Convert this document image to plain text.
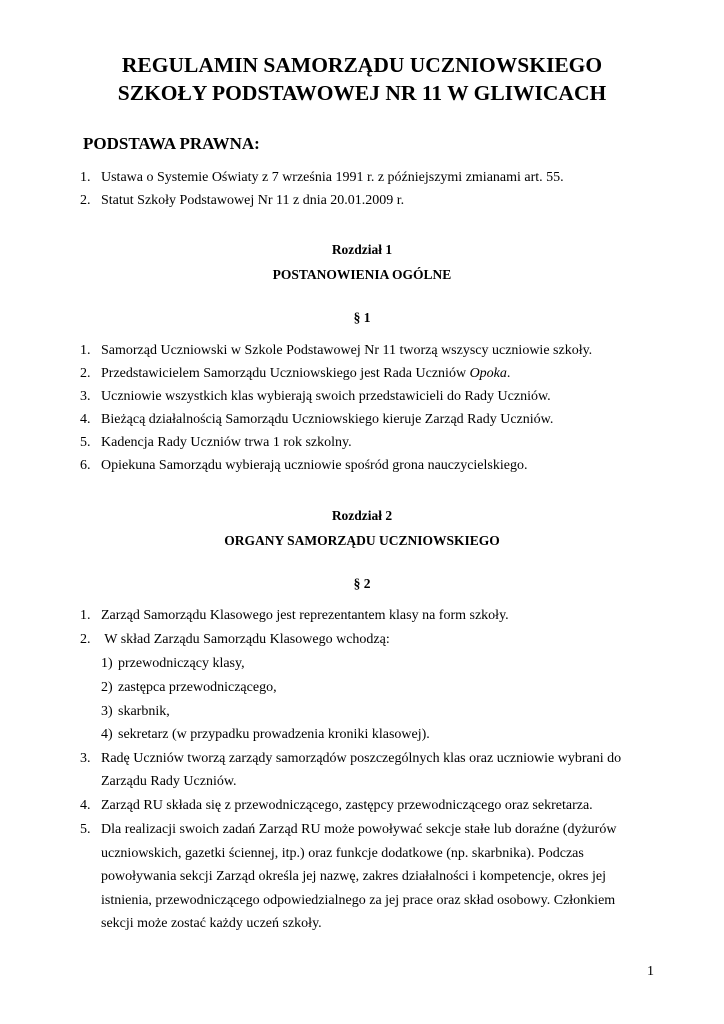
REGULAMIN SAMORZĄDU UCZNIOWSKIEGO
SZKOŁY PODSTAWOWEJ NR 11 W GLIWICACH
PODSTAWA PRAWNA:
1. Ustawa o Systemie Oświaty z 7 września 1991 r. z późniejszymi zmianami art. 55.
2. Statut Szkoły Podstawowej Nr 11 z dnia 20.01.2009 r.
Rozdział 1
POSTANOWIENIA OGÓLNE
§ 1
1. Samorząd Uczniowski w Szkole Podstawowej Nr 11 tworzą wszyscy uczniowie szkoły.
2. Przedstawicielem Samorządu Uczniowskiego jest Rada Uczniów Opoka.
3. Uczniowie wszystkich klas wybierają swoich przedstawicieli do Rady Uczniów.
4. Bieżącą działalnością Samorządu Uczniowskiego kieruje Zarząd Rady Uczniów.
5. Kadencja Rady Uczniów trwa 1 rok szkolny.
6. Opiekuna Samorządu wybierają uczniowie spośród grona nauczycielskiego.
Rozdział 2
ORGANY SAMORZĄDU UCZNIOWSKIEGO
§ 2
1. Zarząd Samorządu Klasowego jest reprezentantem klasy na form szkoły.
2. W skład Zarządu Samorządu Klasowego wchodzą:
1) przewodniczący klasy,
2) zastępca przewodniczącego,
3) skarbnik,
4) sekretarz (w przypadku prowadzenia kroniki klasowej).
3. Radę Uczniów tworzą zarządy samorządów poszczególnych klas oraz uczniowie wybrani do
Zarządu Rady Uczniów.
4. Zarząd RU składa się z przewodniczącego, zastępcy przewodniczącego oraz sekretarza.
5. Dla realizacji swoich zadań Zarząd RU może powoływać sekcje stałe lub doraźne (dyżurów
uczniowskich, gazetki ściennej, itp.) oraz funkcje dodatkowe (np. skarbnika). Podczas
powoływania sekcji Zarząd określa jej nazwę, zakres działalności i kompetencje, okres jej
istnienia, przewodniczącego odpowiedzialnego za jej prace oraz skład osobowy. Członkiem
sekcji może zostać każdy uczeń szkoły.
1
